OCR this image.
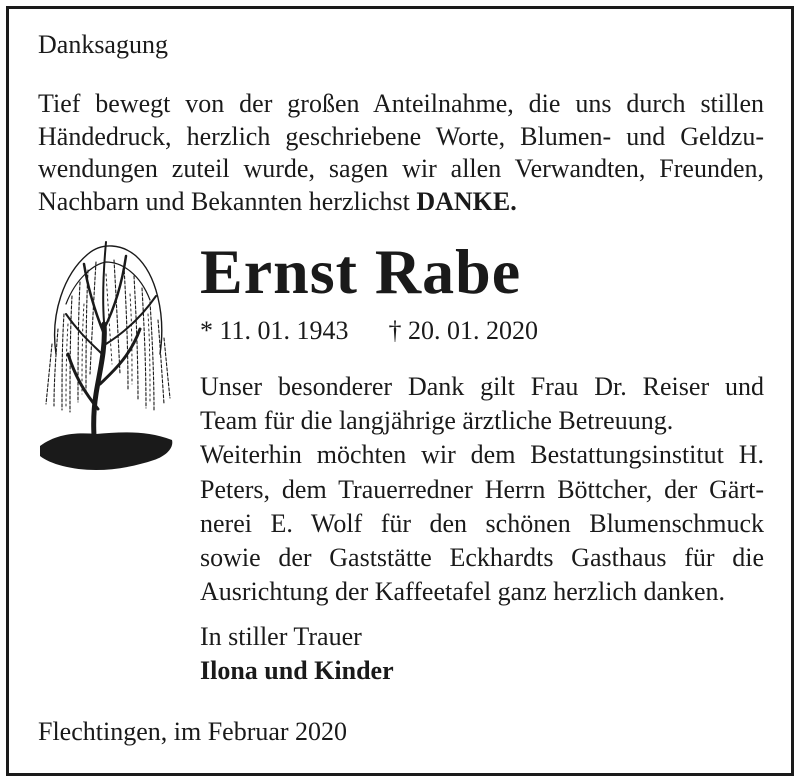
Danksagung
Tief bewegt von der großen Anteilnahme, die uns durch stillen
Händedruck, herzlich geschriebene Worte, Blumen- und Geldzu-
wendungen zuteil wurde, sagen wir allen Verwandten, Freunden,
Nachbarn und Bekannten herzlichst DANKE.
Ernst Rabe
* 11. 01. 1943 † 20. 01. 2020
Unser besonderer Dank gilt Frau Dr. Reiser und
Team für die langjährige ärztliche Betreuung.
Weiterhin möchten wir dem Bestattungsinstitut H.
Peters, dem Trauerredner Herrn Böttcher, der Gärt-
nerei E. Wolf für den schönen Blumenschmuck
sowie der Gaststätte Eckhardts Gasthaus für die
Ausrichtung der Kaffeetafel ganz herzlich danken.
In stiller Trauer
Ilona und Kinder
Flechtingen, im Februar 2020
